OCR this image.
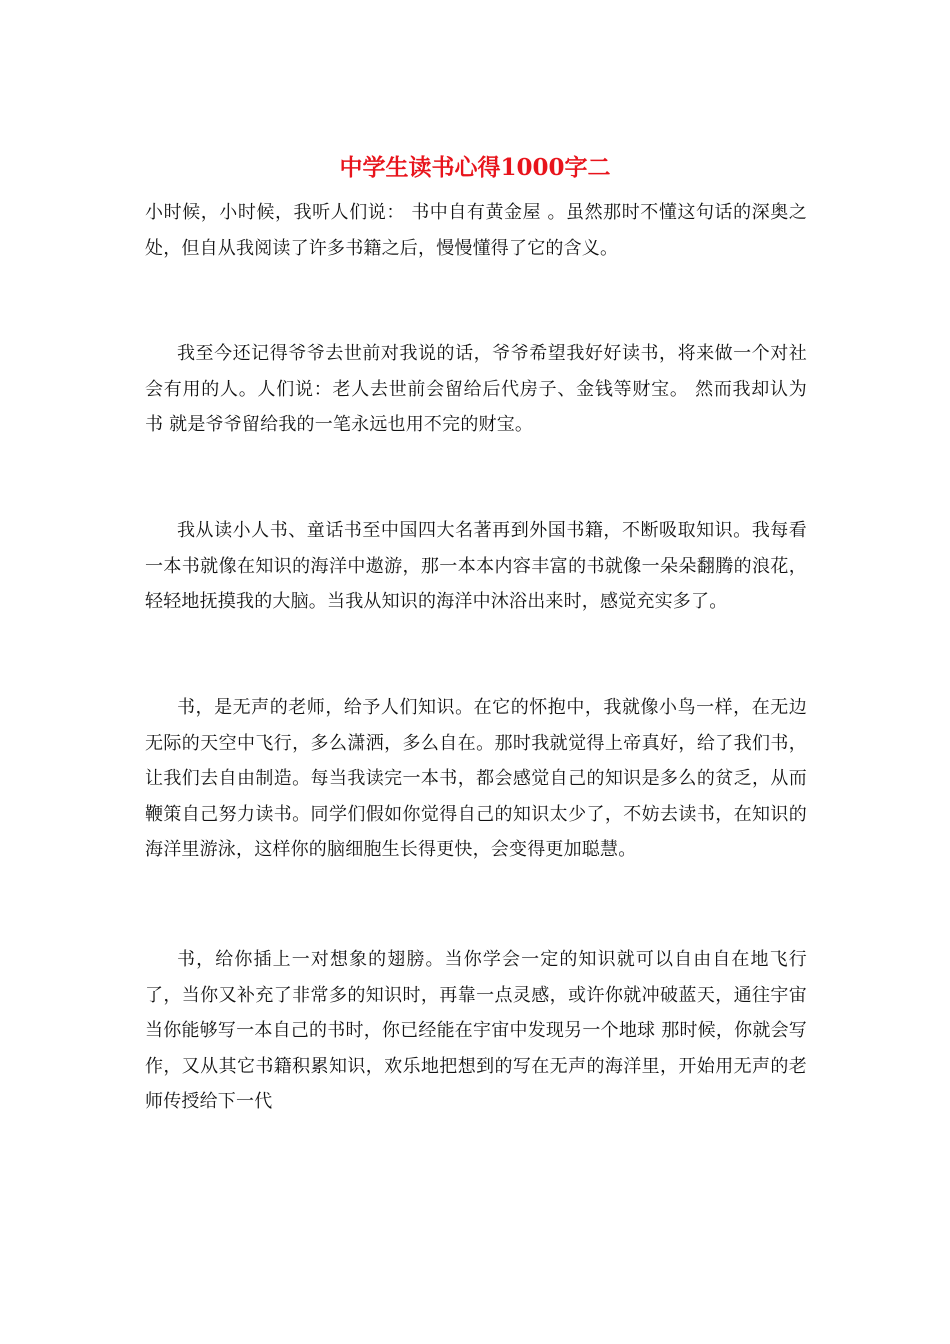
中学生读书心得1000字二

小时候，小时候，我听人们说： 书中自有黄金屋 。虽然那时不懂这句话的深奥之处，但自从我阅读了许多书籍之后，慢慢懂得了它的含义。

我至今还记得爷爷去世前对我说的话，爷爷希望我好好读书，将来做一个对社会有用的人。人们说：老人去世前会留给后代房子、金钱等财宝。 然而我却认为 书 就是爷爷留给我的一笔永远也用不完的财宝。

我从读小人书、童话书至中国四大名著再到外国书籍，不断吸取知识。我每看一本书就像在知识的海洋中遨游，那一本本内容丰富的书就像一朵朵翻腾的浪花，轻轻地抚摸我的大脑。当我从知识的海洋中沐浴出来时，感觉充实多了。

书，是无声的老师，给予人们知识。在它的怀抱中，我就像小鸟一样，在无边无际的天空中飞行，多么潇洒，多么自在。那时我就觉得上帝真好，给了我们书，让我们去自由制造。每当我读完一本书，都会感觉自己的知识是多么的贫乏，从而鞭策自己努力读书。同学们假如你觉得自己的知识太少了，不妨去读书，在知识的海洋里游泳，这样你的脑细胞生长得更快，会变得更加聪慧。

书，给你插上一对想象的翅膀。当你学会一定的知识就可以自由自在地飞行了，当你又补充了非常多的知识时，再靠一点灵感，或许你就冲破蓝天，通往宇宙 当你能够写一本自己的书时，你已经能在宇宙中发现另一个地球 那时候，你就会写作，又从其它书籍积累知识，欢乐地把想到的写在无声的海洋里，开始用无声的老师传授给下一代
